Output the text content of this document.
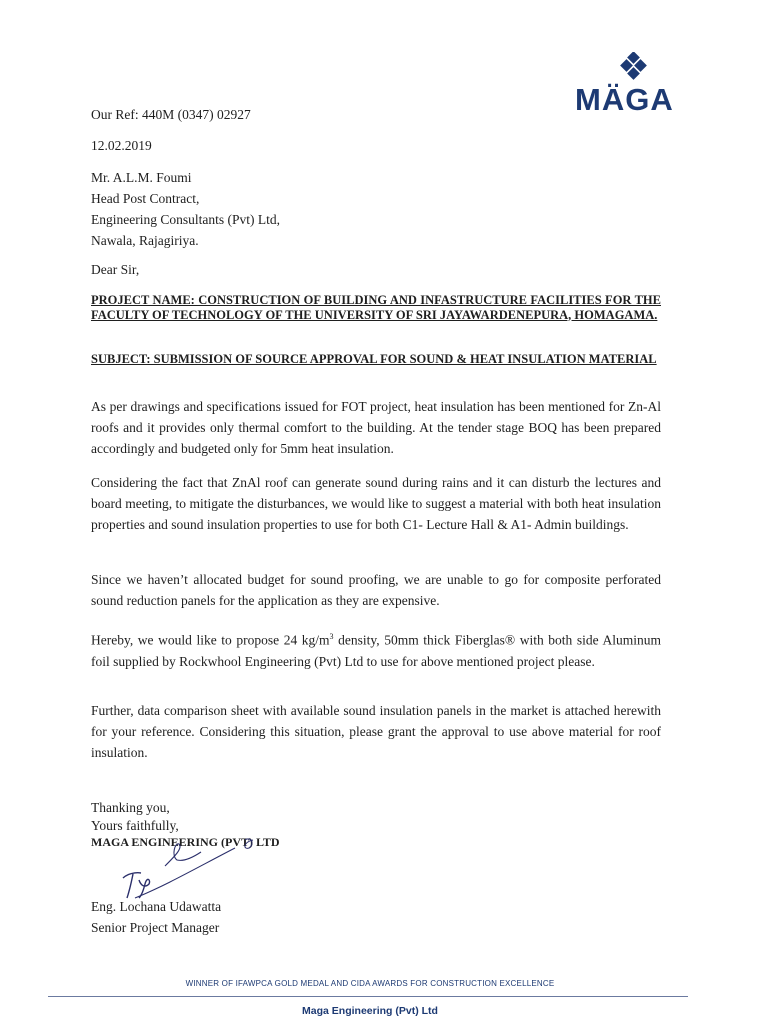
MÄGA
Our Ref: 440M (0347) 02927
12.02.2019
Mr. A.L.M. Foumi
Head Post Contract,
Engineering Consultants (Pvt) Ltd,
Nawala, Rajagiriya.
Dear Sir,
PROJECT NAME: CONSTRUCTION OF BUILDING AND INFASTRUCTURE FACILITIES FOR THE FACULTY OF TECHNOLOGY OF THE UNIVERSITY OF SRI JAYAWARDENEPURA, HOMAGAMA.
SUBJECT: SUBMISSION OF SOURCE APPROVAL FOR SOUND & HEAT INSULATION MATERIAL
As per drawings and specifications issued for FOT project, heat insulation has been mentioned for Zn-Al roofs and it provides only thermal comfort to the building. At the tender stage BOQ has been prepared accordingly and budgeted only for 5mm heat insulation.
Considering the fact that ZnAl roof can generate sound during rains and it can disturb the lectures and board meeting, to mitigate the disturbances, we would like to suggest a material with both heat insulation properties and sound insulation properties to use for both C1- Lecture Hall & A1- Admin buildings.
Since we haven’t allocated budget for sound proofing, we are unable to go for composite perforated sound reduction panels for the application as they are expensive.
Hereby, we would like to propose 24 $kg/m^3$ density, 50mm thick Fiberglas® with both side Aluminum foil supplied by Rockwhool Engineering (Pvt) Ltd to use for above mentioned project please.
Further, data comparison sheet with available sound insulation panels in the market is attached herewith for your reference. Considering this situation, please grant the approval to use above material for roof insulation.
Thanking you,
Yours faithfully,
MAGA ENGINEERING (PVT) LTD
Eng. Lochana Udawatta
Senior Project Manager
WINNER OF IFAWPCA GOLD MEDAL AND CIDA AWARDS FOR CONSTRUCTION EXCELLENCE
Maga Engineering (Pvt) Ltd
